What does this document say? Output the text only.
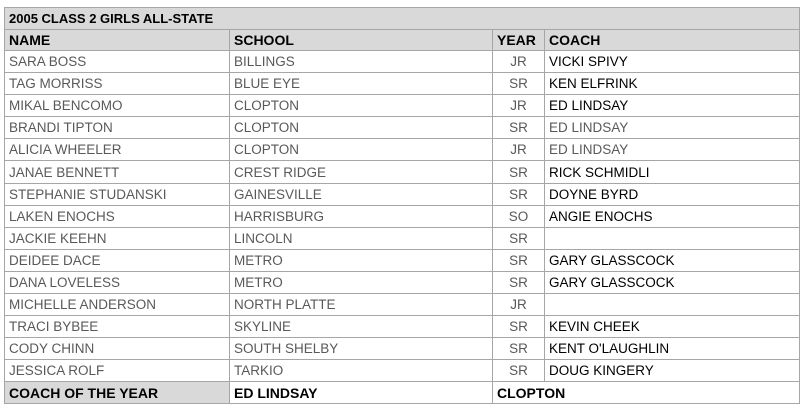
2005 CLASS 2 GIRLS ALL-STATE			
NAME	SCHOOL	YEAR	COACH
SARA BOSS	BILLINGS	JR	VICKI SPIVY
TAG MORRISS	BLUE EYE	SR	KEN ELFRINK
MIKAL BENCOMO	CLOPTON	JR	ED LINDSAY
BRANDI TIPTON	CLOPTON	SR	ED LINDSAY
ALICIA WHEELER	CLOPTON	JR	ED LINDSAY
JANAE BENNETT	CREST RIDGE	SR	RICK SCHMIDLI
STEPHANIE STUDANSKI	GAINESVILLE	SR	DOYNE BYRD
LAKEN ENOCHS	HARRISBURG	SO	ANGIE ENOCHS
JACKIE KEEHN	LINCOLN	SR	
DEIDEE DACE	METRO	SR	GARY GLASSCOCK
DANA LOVELESS	METRO	SR	GARY GLASSCOCK
MICHELLE ANDERSON	NORTH PLATTE	JR	
TRACI BYBEE	SKYLINE	SR	KEVIN CHEEK
CODY CHINN	SOUTH SHELBY	SR	KENT O'LAUGHLIN
JESSICA ROLF	TARKIO	SR	DOUG KINGERY
COACH OF THE YEAR	ED LINDSAY	CLOPTON	
